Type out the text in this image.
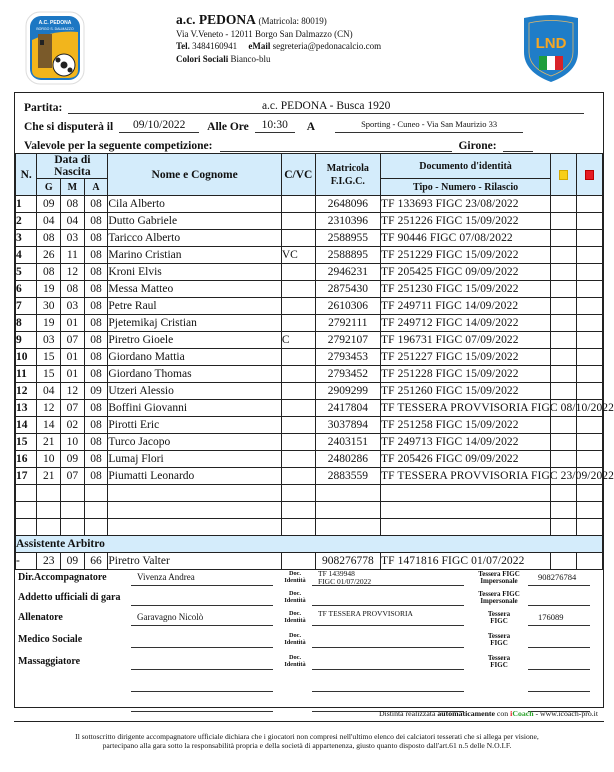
A.C. PEDONA
BORGO S. DALMAZZO
a.c. PEDONA (Matricola: 80019)
Via V.Veneto - 12011 Borgo San Dalmazzo (CN)
Tel. 3484160941 eMail segreteria@pedonacalcio.com
Colori Sociali Bianco-blu
LND
Partita:	a.c. PEDONA - Busca 1920
Che si disputerà il	09/10/2022	Alle Ore	10:30	A	Sporting - Cuneo - Via San Maurizio 33
Valevole per la seguente competizione:	Girone:
N.	Data di Nascita			Nome e Cognome	C/VC	Matricola
F.I.G.C.	Documento d'identità		
	G	M	A				Tipo - Numero - Rilascio		
1	09	08	08	Cila Alberto		2648096	TF 133693 FIGC 23/08/2022		
2	04	04	08	Dutto Gabriele		2310396	TF 251226 FIGC 15/09/2022		
3	08	03	08	Taricco Alberto		2588955	TF 90446 FIGC 07/08/2022		
4	26	11	08	Marino Cristian	VC	2588895	TF 251229 FIGC 15/09/2022		
5	08	12	08	Kroni Elvis		2946231	TF 205425 FIGC 09/09/2022		
6	19	08	08	Messa Matteo		2875430	TF 251230 FIGC 15/09/2022		
7	30	03	08	Petre Raul		2610306	TF 249711 FIGC 14/09/2022		
8	19	01	08	Pjetemikaj Cristian		2792111	TF 249712 FIGC 14/09/2022		
9	03	07	08	Piretro Gioele	C	2792107	TF 196731 FIGC 07/09/2022		
10	15	01	08	Giordano Mattia		2793453	TF 251227 FIGC 15/09/2022		
11	15	01	08	Giordano Thomas		2793452	TF 251228 FIGC 15/09/2022		
12	04	12	09	Utzeri Alessio		2909299	TF 251260 FIGC 15/09/2022		
13	12	07	08	Boffini Giovanni		2417804	TF TESSERA PROVVISORIA FIGC 08/10/2022		
14	14	02	08	Pirotti Eric		3037894	TF 251258 FIGC 15/09/2022		
15	21	10	08	Turco Jacopo		2403151	TF 249713 FIGC 14/09/2022		
16	10	09	08	Lumaj Flori		2480286	TF 205426 FIGC 09/09/2022		
17	21	07	08	Piumatti Leonardo		2883559	TF TESSERA PROVVISORIA FIGC 23/09/2022		

Assistente Arbitro									
-	23	09	66	Piretro Valter		908276778	TF 1471816 FIGC 01/07/2022		
Dir.Accompagnatore	Vivenza Andrea	Doc.
Identità
TF 1439948
FIGC 01/07/2022
Tessera FIGC
Impersonale	908276784
Addetto ufficiali di gara	Doc.
Identità

Tessera FIGC
Impersonale
Allenatore	Garavagno Nicolò	Doc.
Identità
TF TESSERA PROVVISORIA	Tessera
FIGC	176089
Medico Sociale	Doc.
Identità

Tessera
FIGC
Massaggiatore	Doc.
Identità

Tessera
FIGC
Distinta realizzata automaticamente con iCoach - www.icoach-pro.it
Il sottoscritto dirigente accompagnatore ufficiale dichiara che i giocatori non compresi nell'ultimo elenco dei calciatori tesserati che si allega per visione,
partecipano alla gara sotto la responsabilità propria e della società di appartenenza, giusto quanto disposto dall'art.61 n.5 delle N.O.I.F.
